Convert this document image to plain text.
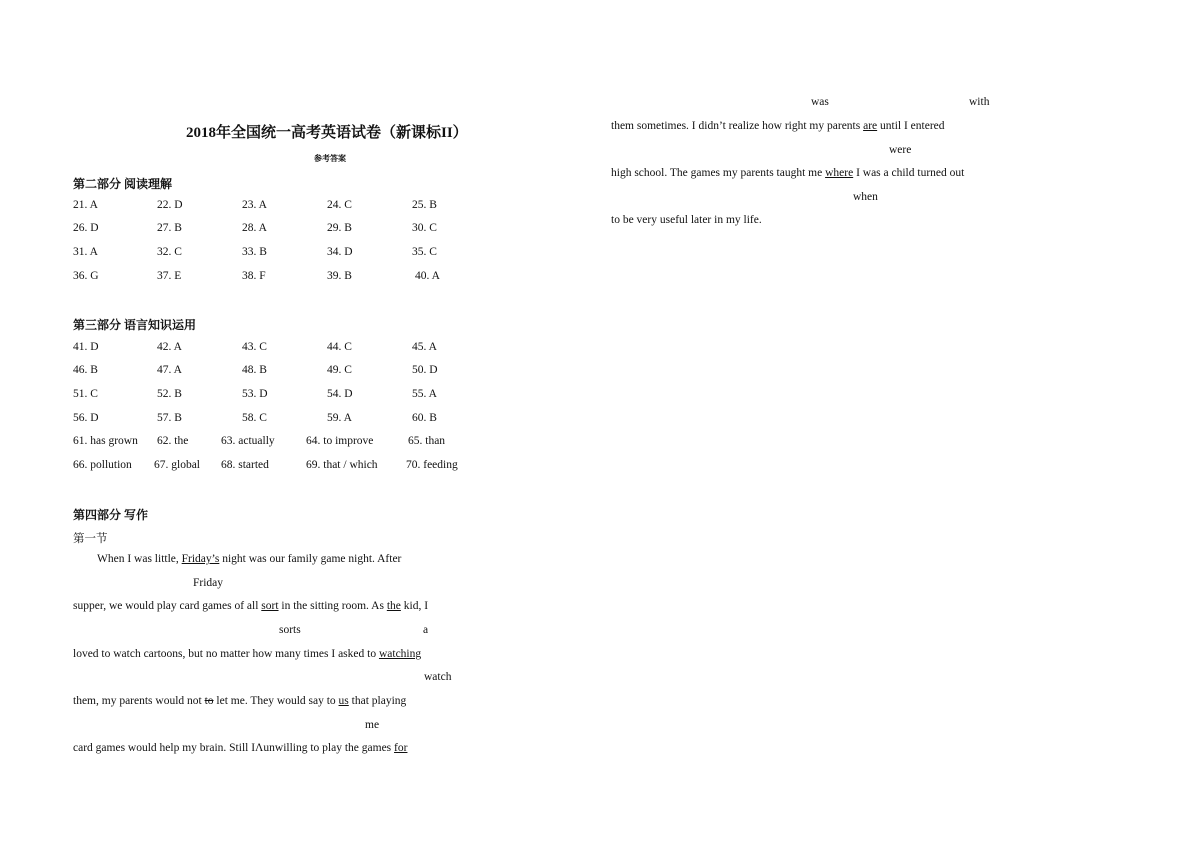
2018年全国统一高考英语试卷（新课标II）
参考答案
第二部分 阅读理解
21. A	22. D	23. A	24. C	25. B
26. D	27. B	28. A	29. B	30. C
31. A	32. C	33. B	34. D	35. C
36. G	37. E	38. F	39. B	40. A
第三部分 语言知识运用
41. D	42. A	43. C	44. C	45. A
46. B	47. A	48. B	49. C	50. D
51. C	52. B	53. D	54. D	55. A
56. D	57. B	58. C	59. A	60. B
61. has grown 62. the	63. actually	64. to improve	65. than
66. pollution 67. global 68. started	69. that / which 70. feeding
第四部分 写作
第一节
When I was little, Friday’s night was our family game night. After
Friday
supper, we would play card games of all sort in the sitting room. As the kid, I
sorts	a
loved to watch cartoons, but no matter how many times I asked to watching
watch
them, my parents would not to let me. They would say to us that playing
me
card games would help my brain. Still IΛunwilling to play the games for
was	with
them sometimes. I didn’t realize how right my parents are until I entered
were
high school. The games my parents taught me where I was a child turned out
when
to be very useful later in my life.
